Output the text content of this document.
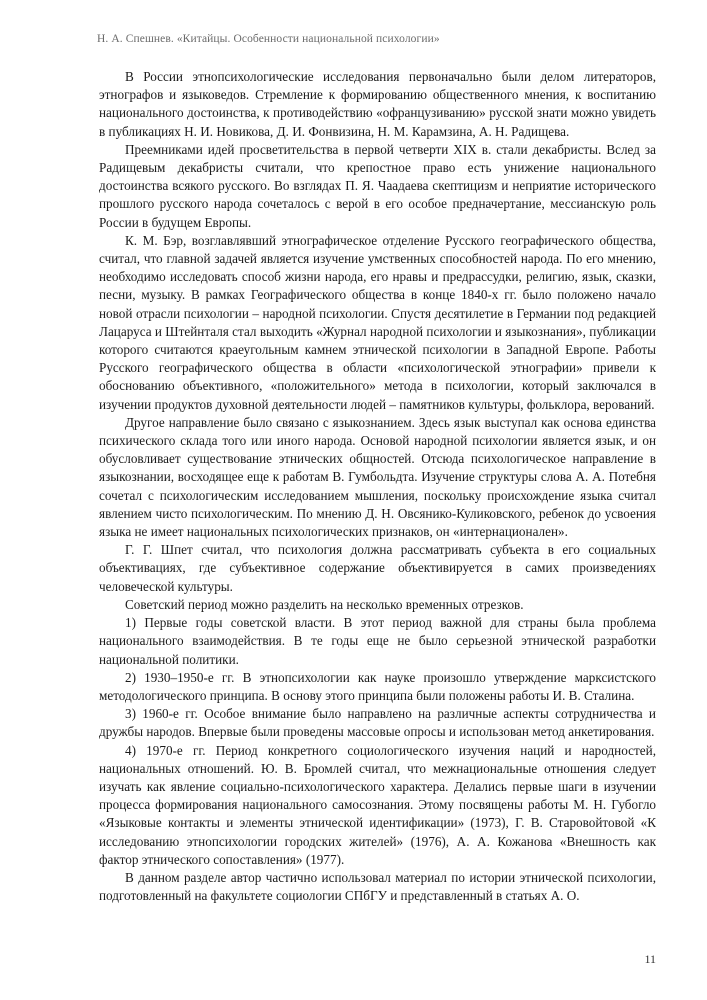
Н. А. Спешнев. «Китайцы. Особенности национальной психологии»

В России этнопсихологические исследования первоначально были делом литераторов, этнографов и языковедов. Стремление к формированию общественного мнения, к воспитанию национального достоинства, к противодействию «офранцузиванию» русской знати можно увидеть в публикациях Н. И. Новикова, Д. И. Фонвизина, Н. М. Карамзина, А. Н. Радищева.

Преемниками идей просветительства в первой четверти XIX в. стали декабристы. Вслед за Радищевым декабристы считали, что крепостное право есть унижение национального достоинства всякого русского. Во взглядах П. Я. Чаадаева скептицизм и неприятие исторического прошлого русского народа сочеталось с верой в его особое предначертание, мессианскую роль России в будущем Европы.

К. М. Бэр, возглавлявший этнографическое отделение Русского географического общества, считал, что главной задачей является изучение умственных способностей народа. По его мнению, необходимо исследовать способ жизни народа, его нравы и предрассудки, религию, язык, сказки, песни, музыку. В рамках Географического общества в конце 1840-х гг. было положено начало новой отрасли психологии – народной психологии. Спустя десятилетие в Германии под редакцией Лацаруса и Штейнталя стал выходить «Журнал народной психологии и языкознания», публикации которого считаются краеугольным камнем этнической психологии в Западной Европе. Работы Русского географического общества в области «психологической этнографии» привели к обоснованию объективного, «положительного» метода в психологии, который заключался в изучении продуктов духовной деятельности людей – памятников культуры, фольклора, верований.

Другое направление было связано с языкознанием. Здесь язык выступал как основа единства психического склада того или иного народа. Основой народной психологии является язык, и он обусловливает существование этнических общностей. Отсюда психологическое направление в языкознании, восходящее еще к работам В. Гумбольдта. Изучение структуры слова А. А. Потебня сочетал с психологическим исследованием мышления, поскольку происхождение языка считал явлением чисто психологическим. По мнению Д. Н. Овсянико-Куликовского, ребенок до усвоения языка не имеет национальных психологических признаков, он «интернационален».

Г. Г. Шпет считал, что психология должна рассматривать субъекта в его социальных объективациях, где субъективное содержание объективируется в самих произведениях человеческой культуры.

Советский период можно разделить на несколько временных отрезков.

1) Первые годы советской власти. В этот период важной для страны была проблема национального взаимодействия. В те годы еще не было серьезной этнической разработки национальной политики.

2) 1930–1950-е гг. В этнопсихологии как науке произошло утверждение марксистского методологического принципа. В основу этого принципа были положены работы И. В. Сталина.

3) 1960-е гг. Особое внимание было направлено на различные аспекты сотрудничества и дружбы народов. Впервые были проведены массовые опросы и использован метод анкетирования.

4) 1970-е гг. Период конкретного социологического изучения наций и народностей, национальных отношений. Ю. В. Бромлей считал, что межнациональные отношения следует изучать как явление социально-психологического характера. Делались первые шаги в изучении процесса формирования национального самосознания. Этому посвящены работы М. Н. Губогло «Языковые контакты и элементы этнической идентификации» (1973), Г. В. Старовойтовой «К исследованию этнопсихологии городских жителей» (1976), А. А. Кожанова «Внешность как фактор этнического сопоставления» (1977).

В данном разделе автор частично использовал материал по истории этнической психологии, подготовленный на факультете социологии СПбГУ и представленный в статьях А. О.

11
